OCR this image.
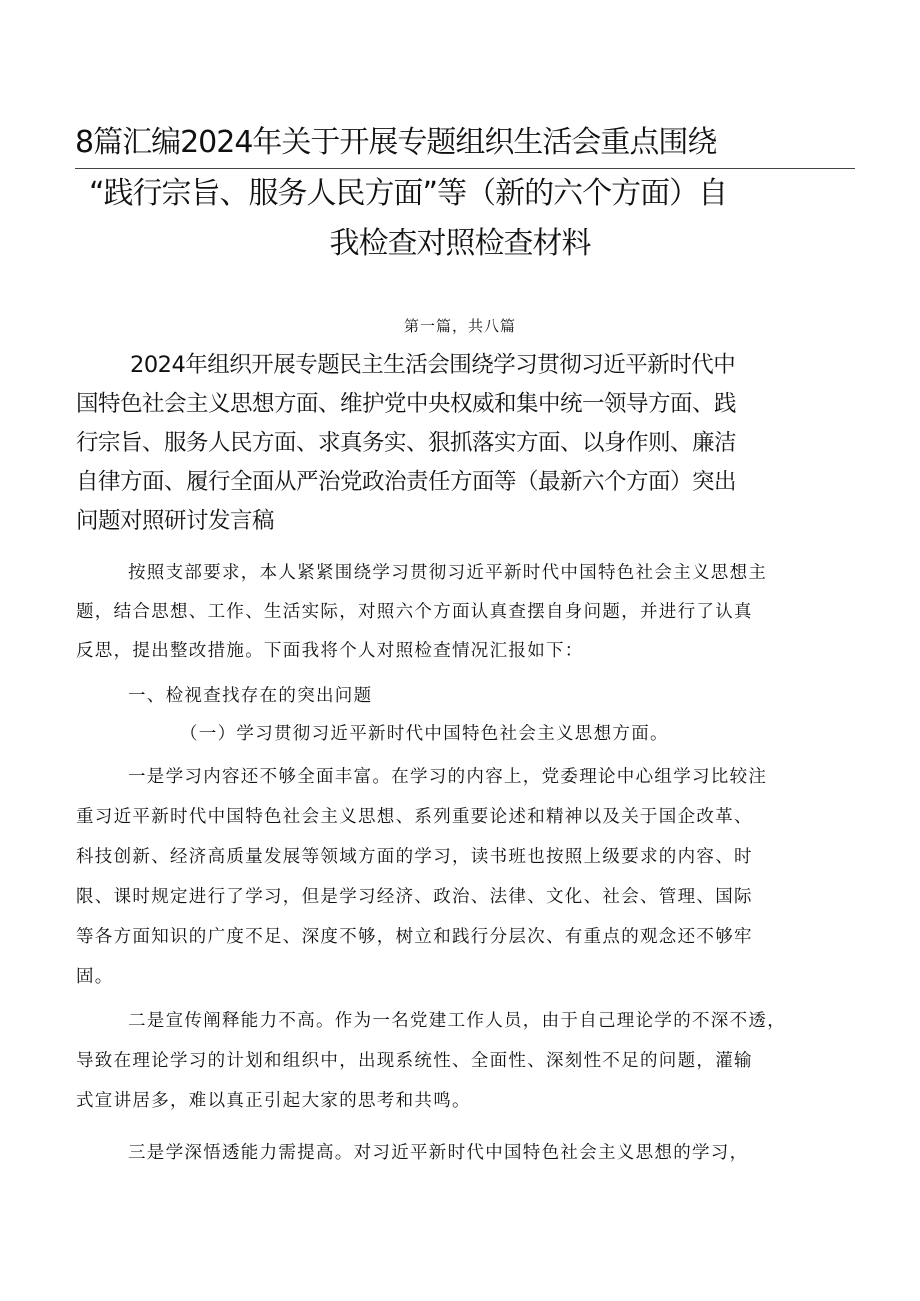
8篇汇编2024年关于开展专题组织生活会重点围绕
“践行宗旨、服务人民方面”等（新的六个方面）自
我检查对照检查材料
第一篇，共八篇
2024年组织开展专题民主生活会围绕学习贯彻习近平新时代中
国特色社会主义思想方面、维护党中央权威和集中统一领导方面、践
行宗旨、服务人民方面、求真务实、狠抓落实方面、以身作则、廉洁
自律方面、履行全面从严治党政治责任方面等（最新六个方面）突出
问题对照研讨发言稿
按照支部要求，本人紧紧围绕学习贯彻习近平新时代中国特色社会主义思想主
题，结合思想、工作、生活实际，对照六个方面认真查摆自身问题，并进行了认真
反思，提出整改措施。下面我将个人对照检查情况汇报如下：
一、检视查找存在的突出问题
（一）学习贯彻习近平新时代中国特色社会主义思想方面。
一是学习内容还不够全面丰富。在学习的内容上，党委理论中心组学习比较注
重习近平新时代中国特色社会主义思想、系列重要论述和精神以及关于国企改革、
科技创新、经济高质量发展等领域方面的学习，读书班也按照上级要求的内容、时
限、课时规定进行了学习，但是学习经济、政治、法律、文化、社会、管理、国际
等各方面知识的广度不足、深度不够，树立和践行分层次、有重点的观念还不够牢
固。
二是宣传阐释能力不高。作为一名党建工作人员，由于自己理论学的不深不透，
导致在理论学习的计划和组织中，出现系统性、全面性、深刻性不足的问题，灌输
式宣讲居多，难以真正引起大家的思考和共鸣。
三是学深悟透能力需提高。对习近平新时代中国特色社会主义思想的学习，
